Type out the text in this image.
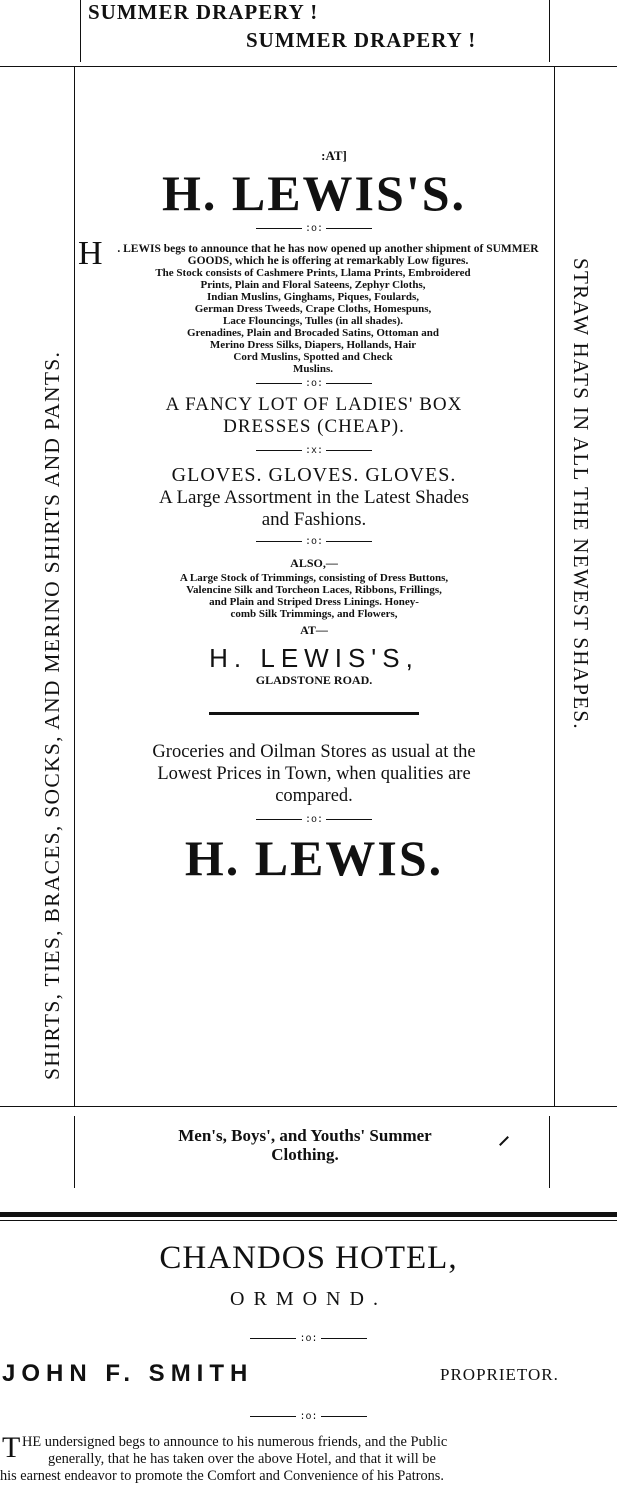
SUMMER DRAPERY !
SUMMER DRAPERY !
SHIRTS, TIES, BRACES, SOCKS, AND MERINO SHIRTS AND PANTS.	STRAW HATS IN ALL THE NEWEST SHAPES.
:AT]
H. LEWIS'S.
:o:
H	. LEWIS begs to announce that he has now opened up another shipment of SUMMER GOODS, which he is offering at remarkably Low figures.
The Stock consists of Cashmere Prints, Llama Prints, Embroidered
Prints, Plain and Floral Sateens, Zephyr Cloths,
Indian Muslins, Ginghams, Piques, Foulards,
German Dress Tweeds, Crape Cloths, Homespuns,
Lace Flouncings, Tulles (in all shades).
Grenadines, Plain and Brocaded Satins, Ottoman and
Merino Dress Silks, Diapers, Hollands, Hair
Cord Muslins, Spotted and Check
Muslins.
:o:
A FANCY LOT OF LADIES' BOX
DRESSES (CHEAP).
:x:
GLOVES. GLOVES. GLOVES.
A Large Assortment in the Latest Shades
and Fashions.
:o:
ALSO,—
A Large Stock of Trimmings, consisting of Dress Buttons,
Valencine Silk and Torcheon Laces, Ribbons, Frillings,
and Plain and Striped Dress Linings. Honey-
comb Silk Trimmings, and Flowers,
AT—
H. LEWIS'S,
GLADSTONE ROAD.
Groceries and Oilman Stores as usual at the
Lowest Prices in Town, when qualities are
compared.
:o:
H. LEWIS.
Men's, Boys', and Youths' Summer
Clothing.
CHANDOS HOTEL,
ORMOND.
:o:
JOHN F. SMITH	PROPRIETOR.
:o:
T HE undersigned begs to announce to his numerous friends, and the Public
generally, that he has taken over the above Hotel, and that it will be
his earnest endeavor to promote the Comfort and Convenience of his Patrons.
